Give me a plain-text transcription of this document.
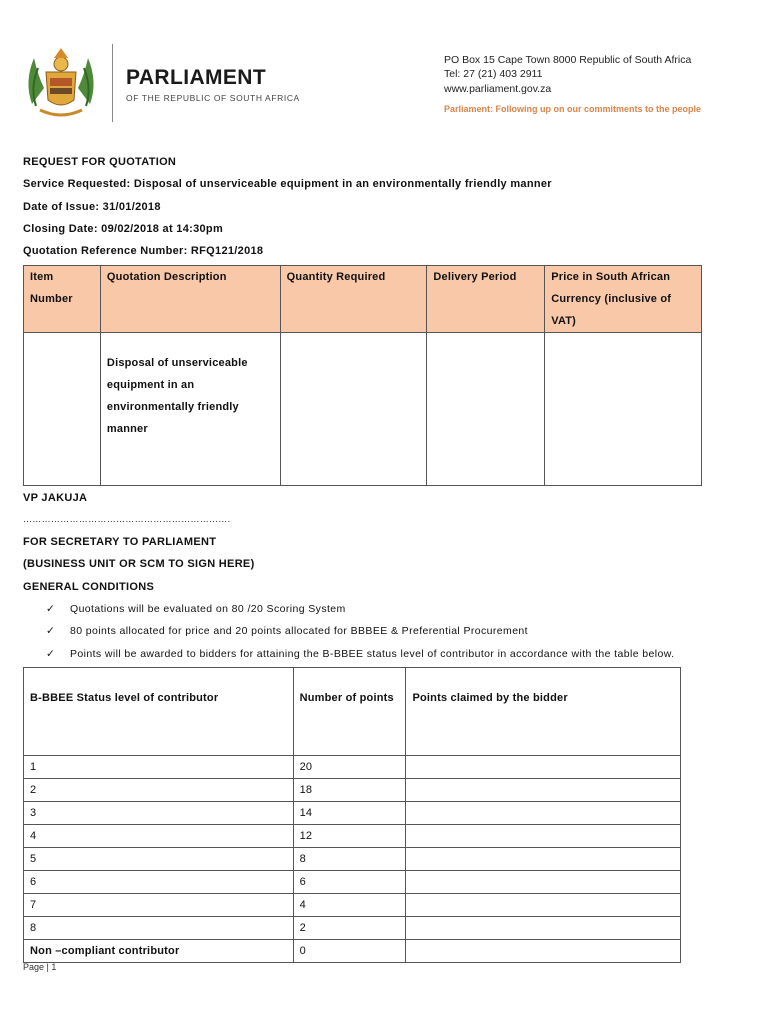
PARLIAMENT
OF THE REPUBLIC OF SOUTH AFRICA
PO Box 15 Cape Town 8000 Republic of South Africa
Tel: 27 (21) 403 2911
www.parliament.gov.za
Parliament: Following up on our commitments to the people
REQUEST FOR QUOTATION
Service Requested: Disposal of unserviceable equipment in an environmentally friendly manner
Date of Issue: 31/01/2018
Closing Date: 09/02/2018 at 14:30pm
Quotation Reference Number: RFQ121/2018
Item Number	Quotation Description	Quantity Required	Delivery Period	Price in South African Currency (inclusive of VAT)
	Disposal of unserviceable equipment in an environmentally friendly manner			
VP JAKUJA
………………………………………………………….
FOR SECRETARY TO PARLIAMENT
(BUSINESS UNIT OR SCM TO SIGN HERE)
GENERAL CONDITIONS
✓ Quotations will be evaluated on 80 /20 Scoring System
✓ 80 points allocated for price and 20 points allocated for BBBEE & Preferential Procurement
✓ Points will be awarded to bidders for attaining the B-BBEE status level of contributor in accordance with the table below.
B-BBEE Status level of contributor	Number of points	Points claimed by the bidder
1	20	
2	18	
3	14	
4	12	
5	8	
6	6	
7	4	
8	2	
Non –compliant contributor	0	
Page | 1
